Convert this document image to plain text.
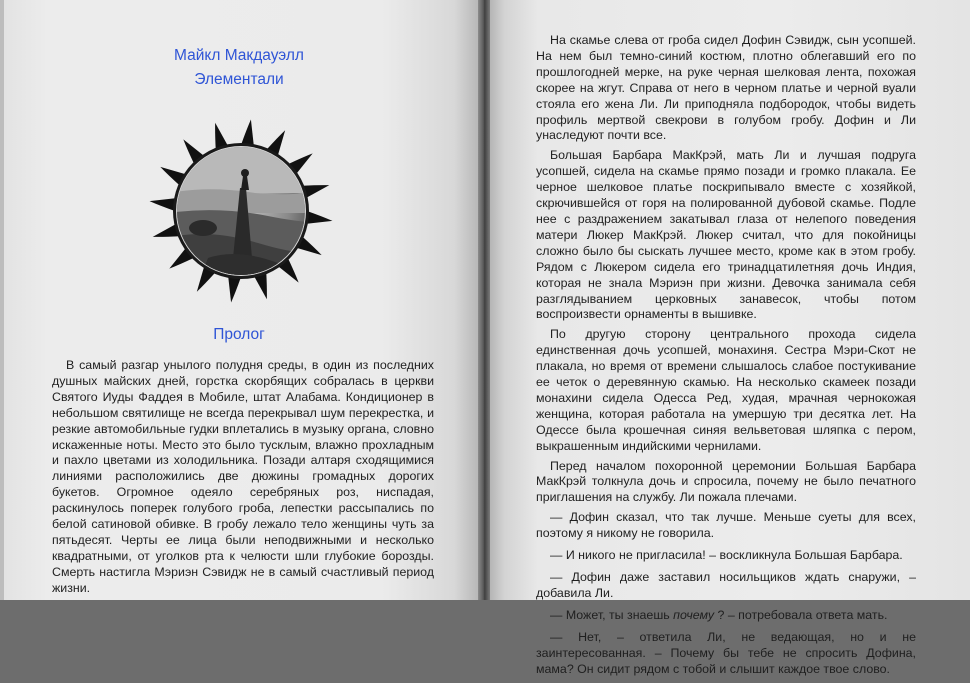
Майкл Макдауэлл
Элементали
Пролог

В самый разгар унылого полудня среды, в один из последних душных майских дней, горстка скорбящих собралась в церкви Святого Иуды Фаддея в Мобиле, штат Алабама. Кондиционер в небольшом святилище не всегда перекрывал шум перекрестка, и резкие автомобильные гудки вплетались в музыку органа, словно искаженные ноты. Место это было тусклым, влажно прохладным и пахло цветами из холодильника. Позади алтаря сходящимися линиями расположились две дюжины громадных дорогих букетов. Огромное одеяло серебряных роз, ниспадая, раскинулось поперек голубого гроба, лепестки рассыпались по белой сатиновой обивке. В гробу лежало тело женщины чуть за пятьдесят. Черты ее лица были неподвижными и несколько квадратными, от уголков рта к челюсти шли глубокие борозды. Смерть настигла Мэриэн Сэвидж не в самый счастливый период жизни.

На скамье слева от гроба сидел Дофин Сэвидж, сын усопшей. На нем был темно-синий костюм, плотно облегавший его по прошлогодней мерке, на руке черная шелковая лента, похожая скорее на жгут. Справа от него в черном платье и черной вуали стояла его жена Ли. Ли приподняла подбородок, чтобы видеть профиль мертвой свекрови в голубом гробу. Дофин и Ли унаследуют почти все.

Большая Барбара МакКрэй, мать Ли и лучшая подруга усопшей, сидела на скамье прямо позади и громко плакала. Ее черное шелковое платье поскрипывало вместе с хозяйкой, скрючившейся от горя на полированной дубовой скамье. Подле нее с раздражением закатывал глаза от нелепого поведения матери Люкер МакКрэй. Люкер считал, что для покойницы сложно было бы сыскать лучшее место, кроме как в этом гробу. Рядом с Люкером сидела его тринадцатилетняя дочь Индия, которая не знала Мэриэн при жизни. Девочка занимала себя разглядыванием церковных занавесок, чтобы потом воспроизвести орнаменты в вышивке.

По другую сторону центрального прохода сидела единственная дочь усопшей, монахиня. Сестра Мэри-Скот не плакала, но время от времени слышалось слабое постукивание ее четок о деревянную скамью. На несколько скамеек позади монахини сидела Одесса Ред, худая, мрачная чернокожая женщина, которая работала на умершую три десятка лет. На Одессе была крошечная синяя вельветовая шляпка с пером, выкрашенным индийскими чернилами.

Перед началом похоронной церемонии Большая Барбара МакКрэй толкнула дочь и спросила, почему не было печатного приглашения на службу. Ли пожала плечами.

— Дофин сказал, что так лучше. Меньше суеты для всех, поэтому я никому не говорила.

— И никого не пригласила! – воскликнула Большая Барбара.

— Дофин даже заставил носильщиков ждать снаружи, – добавила Ли.

— Может, ты знаешь почему ? – потребовала ответа мать.

— Нет, – ответила Ли, не ведающая, но и не заинтересованная. – Почему бы тебе не спросить Дофина, мама? Он сидит рядом с тобой и слышит каждое твое слово.
